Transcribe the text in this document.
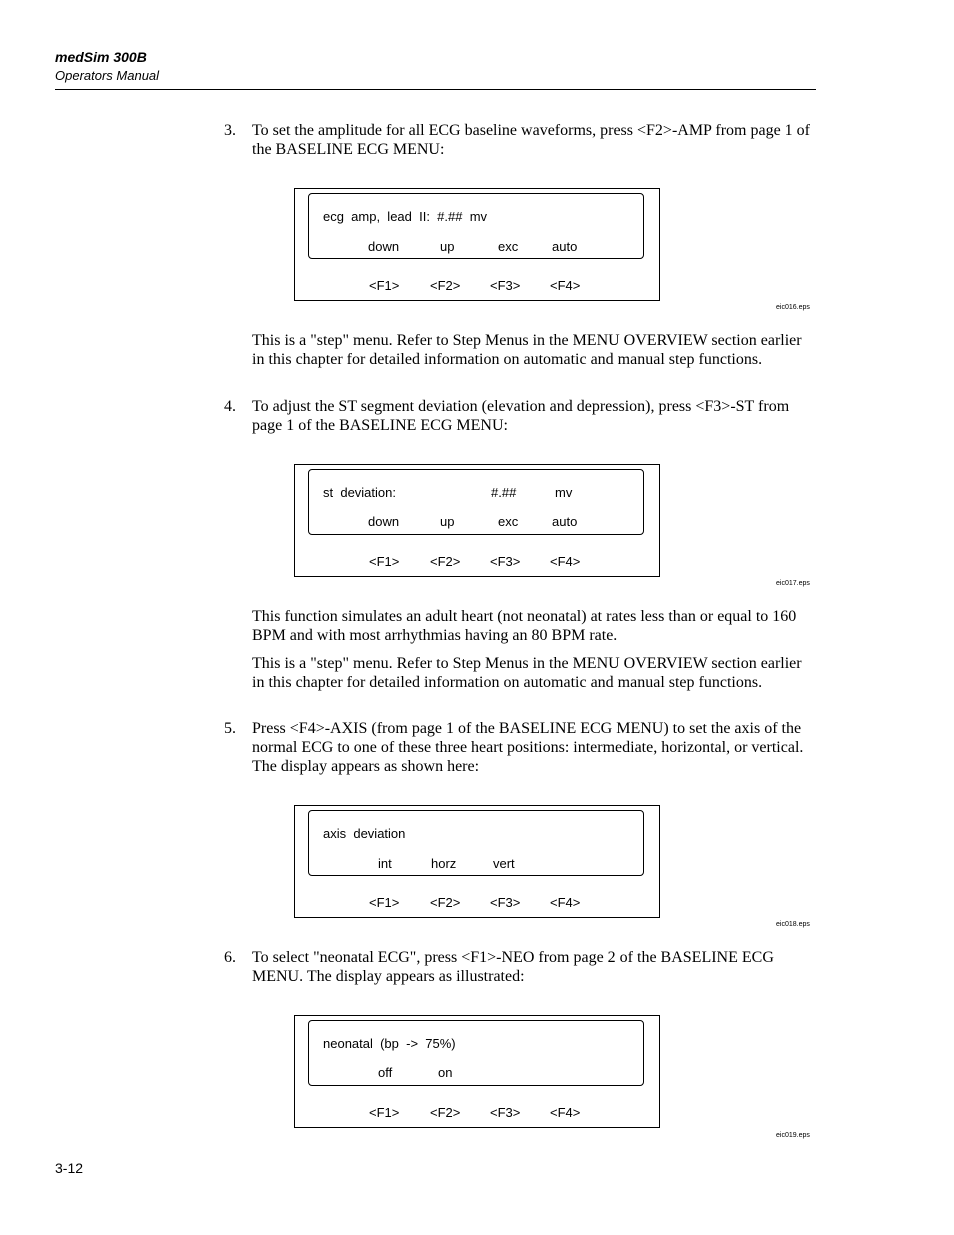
medSim 300B
Operators Manual
3. To set the amplitude for all ECG baseline waveforms, press <F2>-AMP from page 1 of the BASELINE ECG MENU:
ecg  amp,  lead  II:  #.##  mv
down	up	exc	auto
<F1> <F2> <F3> <F4>
eic016.eps
This is a "step" menu. Refer to Step Menus in the MENU OVERVIEW section earlier in this chapter for detailed information on automatic and manual step functions.
4. To adjust the ST segment deviation (elevation and depression), press <F3>-ST from page 1 of the BASELINE ECG MENU:
st  deviation:	#.##	mv
down	up	exc	auto
<F1> <F2> <F3> <F4>
eic017.eps
This function simulates an adult heart (not neonatal) at rates less than or equal to 160 BPM and with most arrhythmias having an 80 BPM rate.
This is a "step" menu. Refer to Step Menus in the MENU OVERVIEW section earlier in this chapter for detailed information on automatic and manual step functions.
5. Press <F4>-AXIS (from page 1 of the BASELINE ECG MENU) to set the axis of the normal ECG to one of these three heart positions: intermediate, horizontal, or vertical. The display appears as shown here:
axis  deviation
int	horz	vert
<F1> <F2> <F3> <F4>
eic018.eps
6. To select "neonatal ECG", press <F1>-NEO from page 2 of the BASELINE ECG MENU. The display appears as illustrated:
neonatal  (bp  ->  75%)
off	on
<F1> <F2> <F3> <F4>
eic019.eps
3-12
